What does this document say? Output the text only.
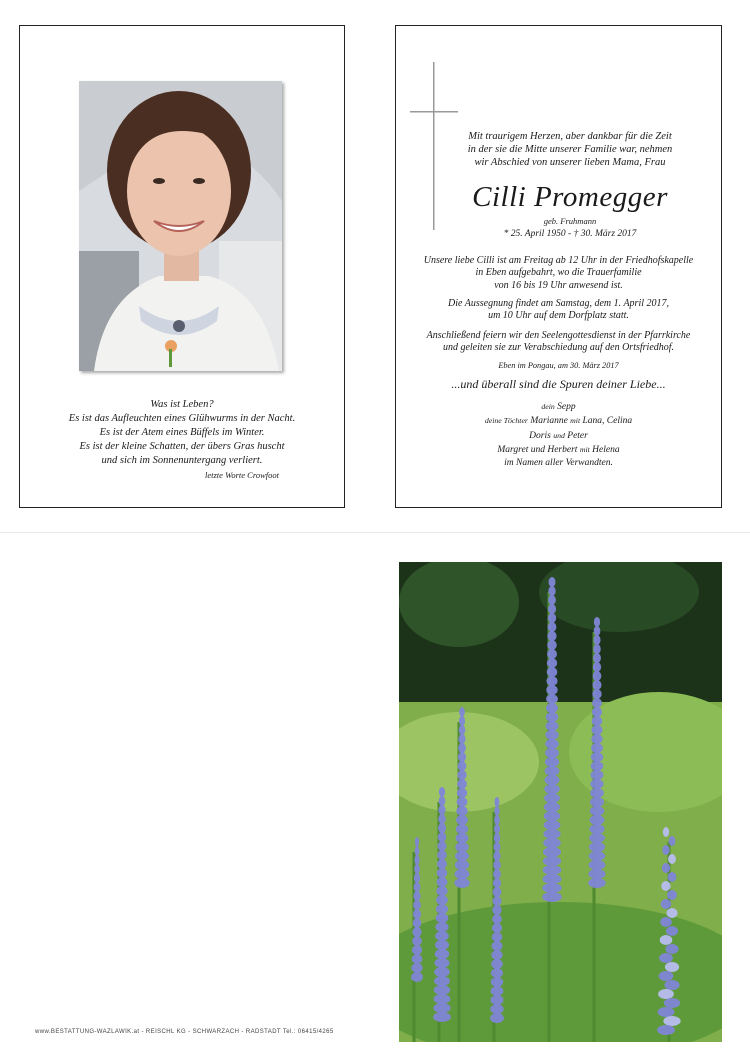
Was ist Leben?
Es ist das Aufleuchten eines Glühwurms in der Nacht.
Es ist der Atem eines Büffels im Winter.
Es ist der kleine Schatten, der übers Gras huscht
und sich im Sonnenuntergang verliert.
letzte Worte Crowfoot
Mit traurigem Herzen, aber dankbar für die Zeit
in der sie die Mitte unserer Familie war, nehmen
wir Abschied von unserer lieben Mama, Frau
Cilli Promegger
geb. Fruhmann
* 25. April 1950 - † 30. März 2017
Unsere liebe Cilli ist am Freitag ab 12 Uhr in der Friedhofskapelle
in Eben aufgebahrt, wo die Trauerfamilie
von 16 bis 19 Uhr anwesend ist.
Die Aussegnung findet am Samstag, dem 1. April 2017,
um 10 Uhr auf dem Dorfplatz statt.
Anschließend feiern wir den Seelengottesdienst in der Pfarrkirche
und geleiten sie zur Verabschiedung auf den Ortsfriedhof.
Eben im Pongau, am 30. März 2017
...und überall sind die Spuren deiner Liebe...
dein Sepp
deine Töchter Marianne mit Lana, Celina
Doris und Peter
Margret und Herbert mit Helena
im Namen aller Verwandten.
www.BESTATTUNG-WAZLAWIK.at - REISCHL KG - SCHWARZACH - RADSTADT Tel.: 06415/4265
